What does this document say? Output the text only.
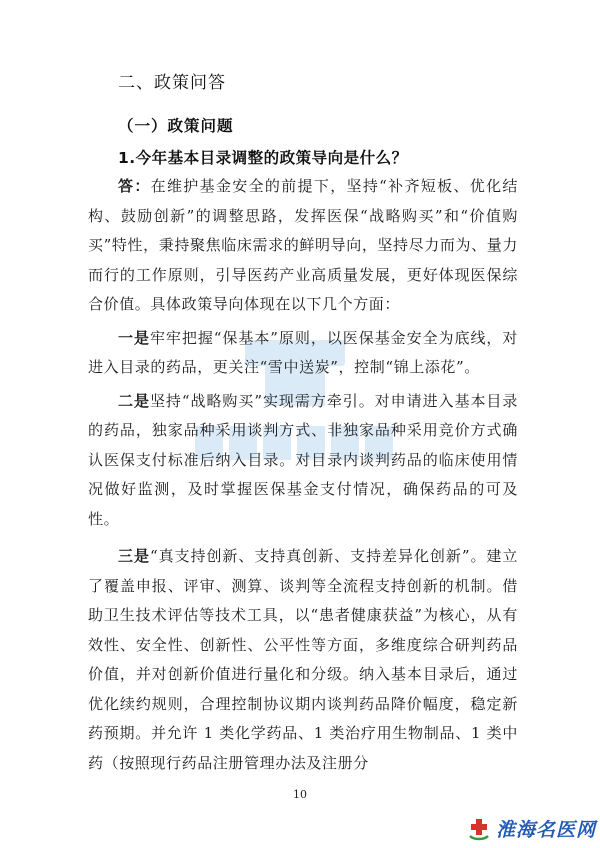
二、政策问答
（一）政策问题
1.今年基本目录调整的政策导向是什么？

答：在维护基金安全的前提下，坚持“补齐短板、优化结构、鼓励创新”的调整思路，发挥医保“战略购买”和“价值购买”特性，秉持聚焦临床需求的鲜明导向，坚持尽力而为、量力而行的工作原则，引导医药产业高质量发展，更好体现医保综合价值。具体政策导向体现在以下几个方面：

一是牢牢把握“保基本”原则，以医保基金安全为底线，对进入目录的药品，更关注“雪中送炭”，控制“锦上添花”。

二是坚持“战略购买”实现需方牵引。对申请进入基本目录的药品，独家品种采用谈判方式、非独家品种采用竞价方式确认医保支付标准后纳入目录。对目录内谈判药品的临床使用情况做好监测，及时掌握医保基金支付情况，确保药品的可及性。

三是“真支持创新、支持真创新、支持差异化创新”。建立了覆盖申报、评审、测算、谈判等全流程支持创新的机制。借助卫生技术评估等技术工具，以“患者健康获益”为核心，从有效性、安全性、创新性、公平性等方面，多维度综合研判药品价值，并对创新价值进行量化和分级。纳入基本目录后，通过优化续约规则，合理控制协议期内谈判药品降价幅度，稳定新药预期。并允许 1 类化学药品、1 类治疗用生物制品、1 类中药（按照现行药品注册管理办法及注册分

10
淮海名医网
